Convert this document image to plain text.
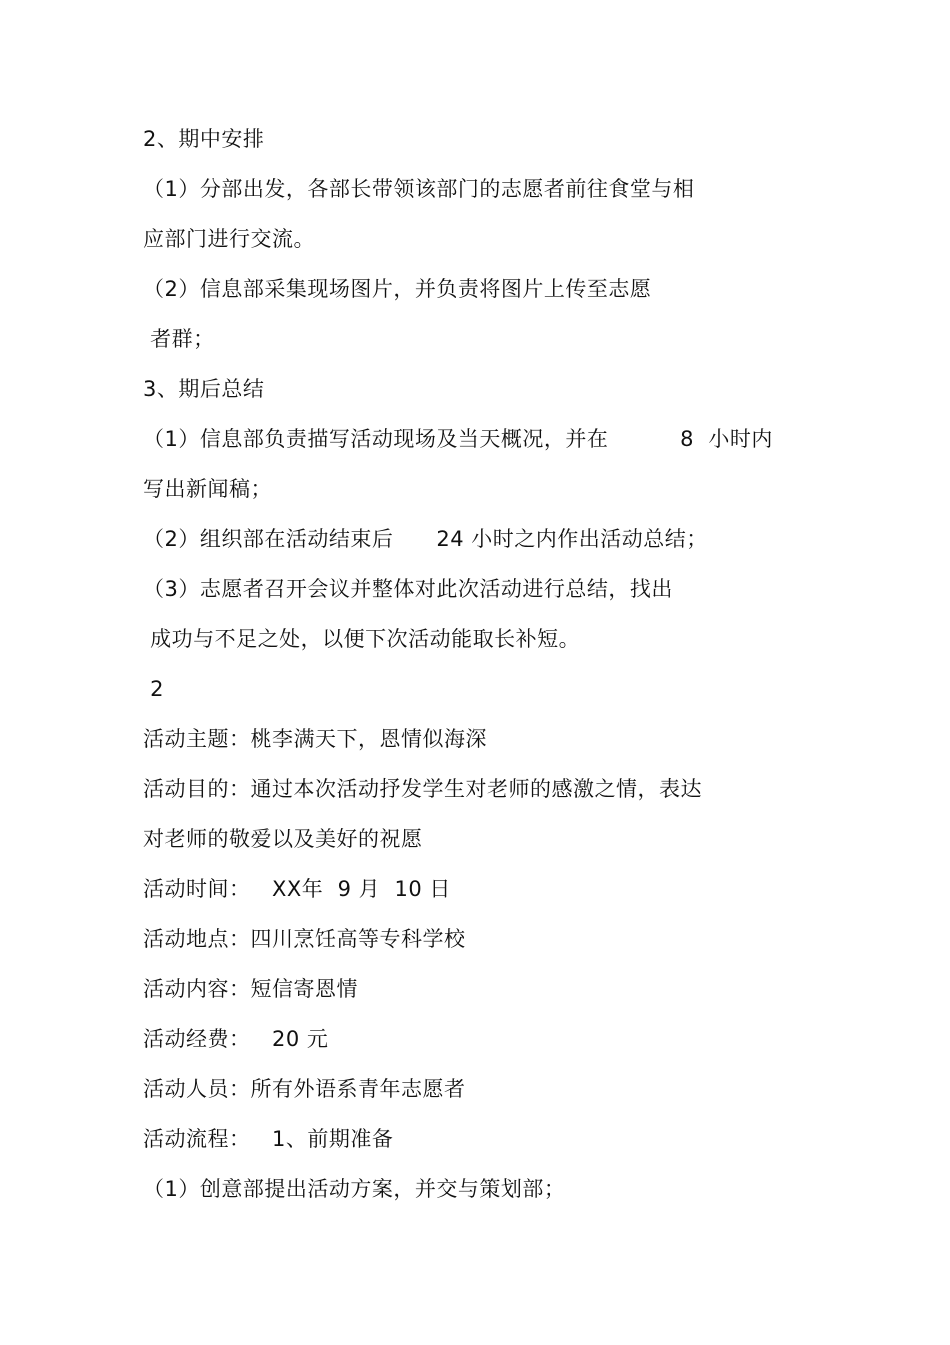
2、期中安排
（1）分部出发，各部长带领该部门的志愿者前往食堂与相
应部门进行交流。
（2）信息部采集现场图片，并负责将图片上传至志愿
者群；
3、期后总结
（1）信息部负责描写活动现场及当天概况，并在          8  小时内
写出新闻稿；
（2）组织部在活动结束后      24 小时之内作出活动总结；
（3）志愿者召开会议并整体对此次活动进行总结，找出
成功与不足之处，以便下次活动能取长补短。
2
活动主题：桃李满天下，恩情似海深
活动目的：通过本次活动抒发学生对老师的感激之情，表达
对老师的敬爱以及美好的祝愿
活动时间：   XX年  9 月  10 日
活动地点：四川烹饪高等专科学校
活动内容：短信寄恩情
活动经费：   20 元
活动人员：所有外语系青年志愿者
活动流程：   1、前期准备
（1）创意部提出活动方案，并交与策划部；
